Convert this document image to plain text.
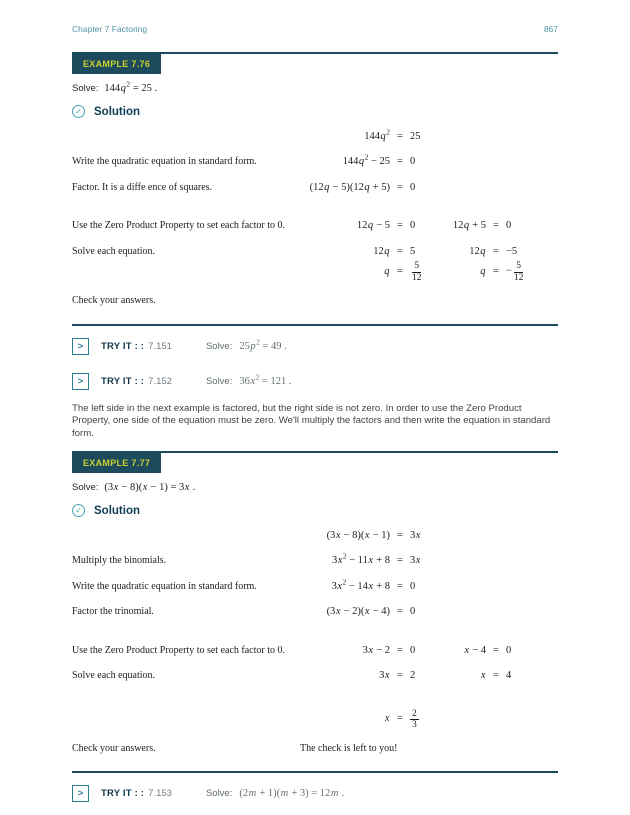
Chapter 7 Factoring	867
EXAMPLE 7.76
Solve: $144q^2 = 25$ .
✓ Solution
$144q^2 = 25$
Write the quadratic equation in standard form.	$144q^2 - 25 = 0$
Factor. It is a diffe ence of squares.	(12q − 5)(12q + 5) = 0
Use the Zero Product Property to set each factor to 0.	12q − 5 = 0	12q + 5 = 0
Solve each equation.	12q = 5	12q = −5
$q = \frac{5}{12}$	q = − $\frac{5}{12}$
Check your answers.
>	TRY IT : : 7.151	Solve: $25p^2 = 49$ .
>	TRY IT : : 7.152	Solve: $36x^2 = 121$ .

The left side in the next example is factored, but the right side is not zero. In order to use the Zero Product Property, one side of the equation must be zero. We'll multiply the factors and then write the equation in standard form.

EXAMPLE 7.77
Solve: (3x − 8)(x − 1) = 3x .
✓ Solution
(3x − 8)(x − 1) = 3x
Multiply the binomials.	$3x^2 - 11x + 8 = 3x$
Write the quadratic equation in standard form.	$3x^2 - 14x + 8 = 0$
Factor the trinomial.	(3x − 2)(x − 4) = 0
Use the Zero Product Property to set each factor to 0.	3x − 2 = 0	x − 4 = 0
Solve each equation.	3x = 2	x = 4
$x = \frac{2}{3}$
Check your answers.	The check is left to you!
>	TRY IT : : 7.153	Solve: (2m + 1)(m + 3) = 12m .
